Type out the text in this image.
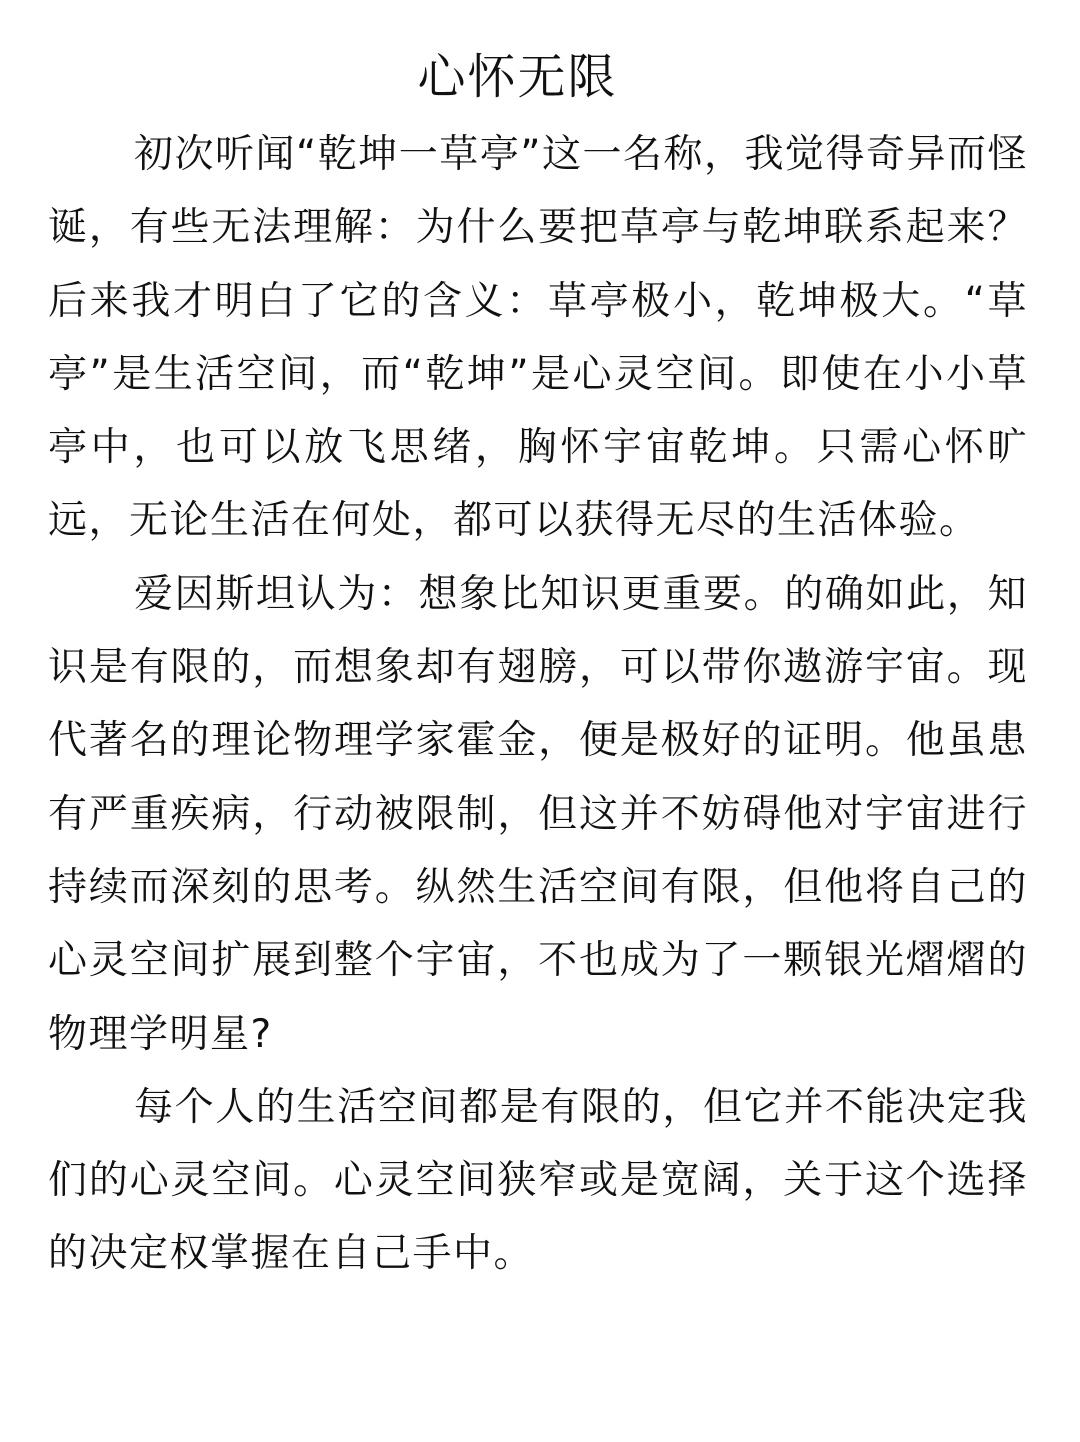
心怀无限

初次听闻“乾坤一草亭”这一名称，我觉得奇异而怪诞，有些无法理解：为什么要把草亭与乾坤联系起来？后来我才明白了它的含义：草亭极小，乾坤极大。“草亭”是生活空间，而“乾坤”是心灵空间。即使在小小草亭中，也可以放飞思绪，胸怀宇宙乾坤。只需心怀旷远，无论生活在何处，都可以获得无尽的生活体验。

爱因斯坦认为：想象比知识更重要。的确如此，知识是有限的，而想象却有翅膀，可以带你遨游宇宙。现代著名的理论物理学家霍金，便是极好的证明。他虽患有严重疾病，行动被限制，但这并不妨碍他对宇宙进行持续而深刻的思考。纵然生活空间有限，但他将自己的心灵空间扩展到整个宇宙，不也成为了一颗银光熠熠的物理学明星?

每个人的生活空间都是有限的，但它并不能决定我们的心灵空间。心灵空间狭窄或是宽阔，关于这个选择的决定权掌握在自己手中。
